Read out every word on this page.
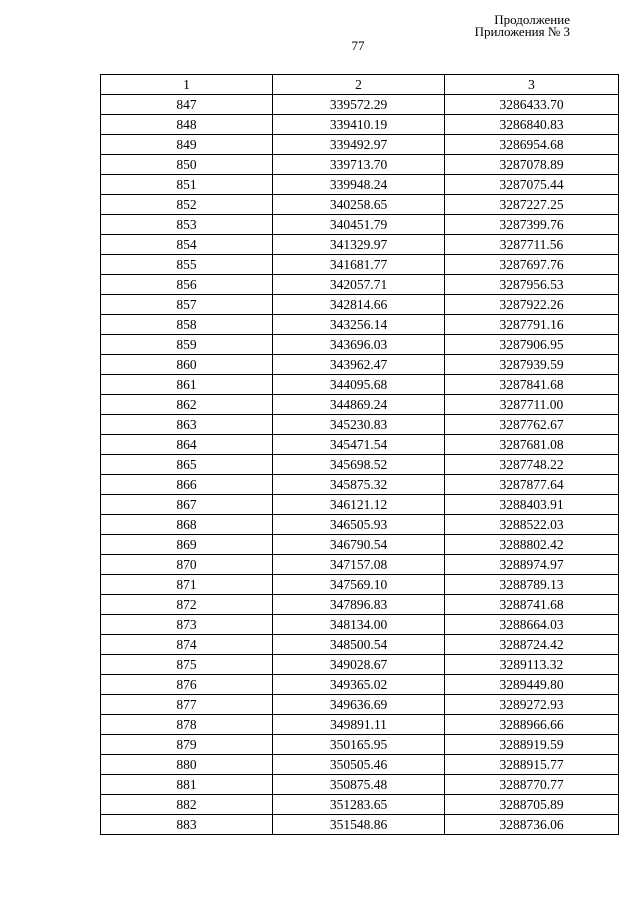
Продолжение
Приложения № 3
77
1	2	3
847	339572.29	3286433.70
848	339410.19	3286840.83
849	339492.97	3286954.68
850	339713.70	3287078.89
851	339948.24	3287075.44
852	340258.65	3287227.25
853	340451.79	3287399.76
854	341329.97	3287711.56
855	341681.77	3287697.76
856	342057.71	3287956.53
857	342814.66	3287922.26
858	343256.14	3287791.16
859	343696.03	3287906.95
860	343962.47	3287939.59
861	344095.68	3287841.68
862	344869.24	3287711.00
863	345230.83	3287762.67
864	345471.54	3287681.08
865	345698.52	3287748.22
866	345875.32	3287877.64
867	346121.12	3288403.91
868	346505.93	3288522.03
869	346790.54	3288802.42
870	347157.08	3288974.97
871	347569.10	3288789.13
872	347896.83	3288741.68
873	348134.00	3288664.03
874	348500.54	3288724.42
875	349028.67	3289113.32
876	349365.02	3289449.80
877	349636.69	3289272.93
878	349891.11	3288966.66
879	350165.95	3288919.59
880	350505.46	3288915.77
881	350875.48	3288770.77
882	351283.65	3288705.89
883	351548.86	3288736.06
